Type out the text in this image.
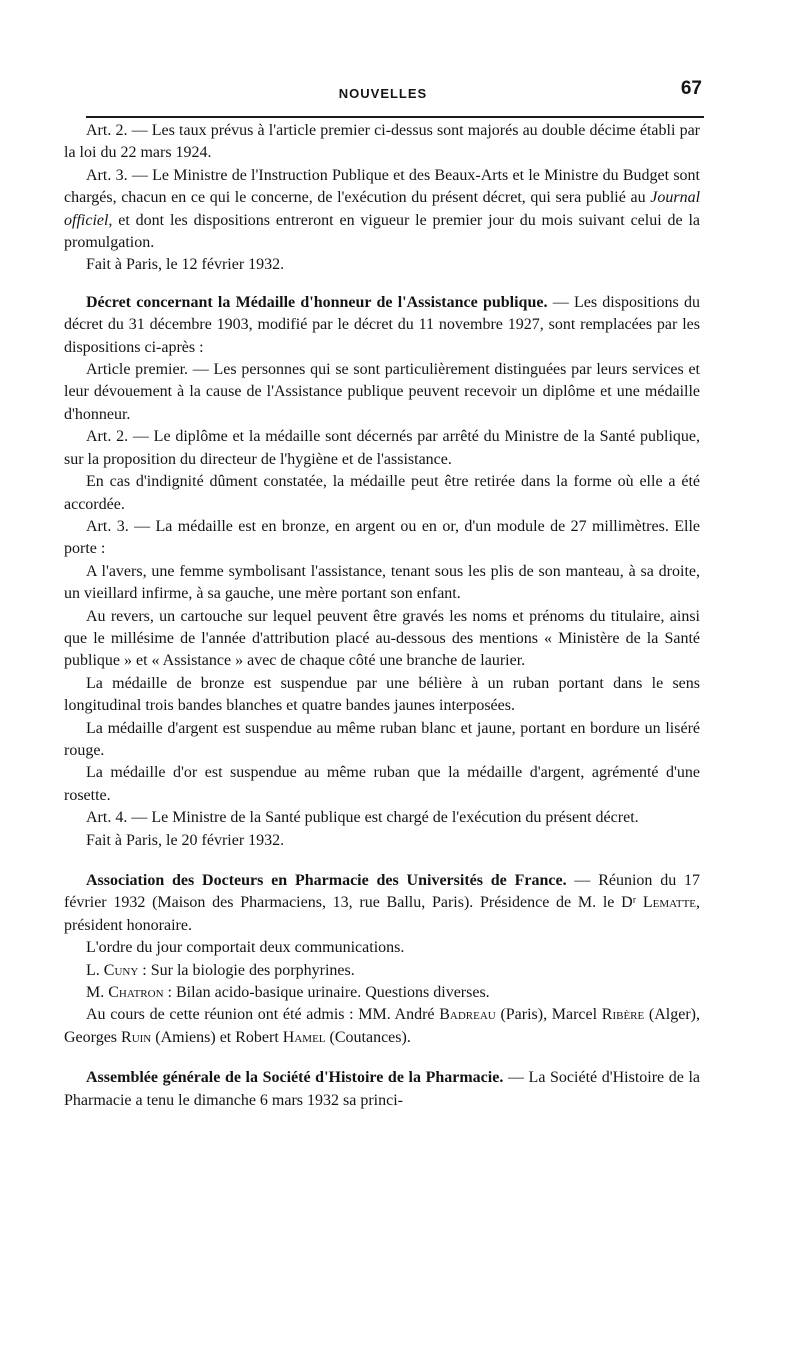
NOUVELLES	67

Art. 2. — Les taux prévus à l'article premier ci-dessus sont majorés au double décime établi par la loi du 22 mars 1924.

Art. 3. — Le Ministre de l'Instruction Publique et des Beaux-Arts et le Ministre du Budget sont chargés, chacun en ce qui le concerne, de l'exécution du présent décret, qui sera publié au Journal officiel, et dont les dispositions entreront en vigueur le premier jour du mois suivant celui de la promulgation.

Fait à Paris, le 12 février 1932.

Décret concernant la Médaille d'honneur de l'Assistance publique. — Les dispositions du décret du 31 décembre 1903, modifié par le décret du 11 novembre 1927, sont remplacées par les dispositions ci-après :

Article premier. — Les personnes qui se sont particulièrement distinguées par leurs services et leur dévouement à la cause de l'Assistance publique peuvent recevoir un diplôme et une médaille d'honneur.

Art. 2. — Le diplôme et la médaille sont décernés par arrêté du Ministre de la Santé publique, sur la proposition du directeur de l'hygiène et de l'assistance.

En cas d'indignité dûment constatée, la médaille peut être retirée dans la forme où elle a été accordée.

Art. 3. — La médaille est en bronze, en argent ou en or, d'un module de 27 millimètres. Elle porte :

A l'avers, une femme symbolisant l'assistance, tenant sous les plis de son manteau, à sa droite, un vieillard infirme, à sa gauche, une mère portant son enfant.

Au revers, un cartouche sur lequel peuvent être gravés les noms et prénoms du titulaire, ainsi que le millésime de l'année d'attribution placé au-dessous des mentions « Ministère de la Santé publique » et « Assistance » avec de chaque côté une branche de laurier.

La médaille de bronze est suspendue par une bélière à un ruban portant dans le sens longitudinal trois bandes blanches et quatre bandes jaunes interposées.

La médaille d'argent est suspendue au même ruban blanc et jaune, portant en bordure un liséré rouge.

La médaille d'or est suspendue au même ruban que la médaille d'argent, agrémenté d'une rosette.

Art. 4. — Le Ministre de la Santé publique est chargé de l'exécution du présent décret.

Fait à Paris, le 20 février 1932.

Association des Docteurs en Pharmacie des Universités de France. — Réunion du 17 février 1932 (Maison des Pharmaciens, 13, rue Ballu, Paris). Présidence de M. le Dʳ Lematte, président honoraire.

L'ordre du jour comportait deux communications.

L. Cuny : Sur la biologie des porphyrines.

M. Chatron : Bilan acido-basique urinaire. Questions diverses.

Au cours de cette réunion ont été admis : MM. André Badreau (Paris), Marcel Ribère (Alger), Georges Ruin (Amiens) et Robert Hamel (Coutances).

Assemblée générale de la Société d'Histoire de la Pharmacie. — La Société d'Histoire de la Pharmacie a tenu le dimanche 6 mars 1932 sa princi-
